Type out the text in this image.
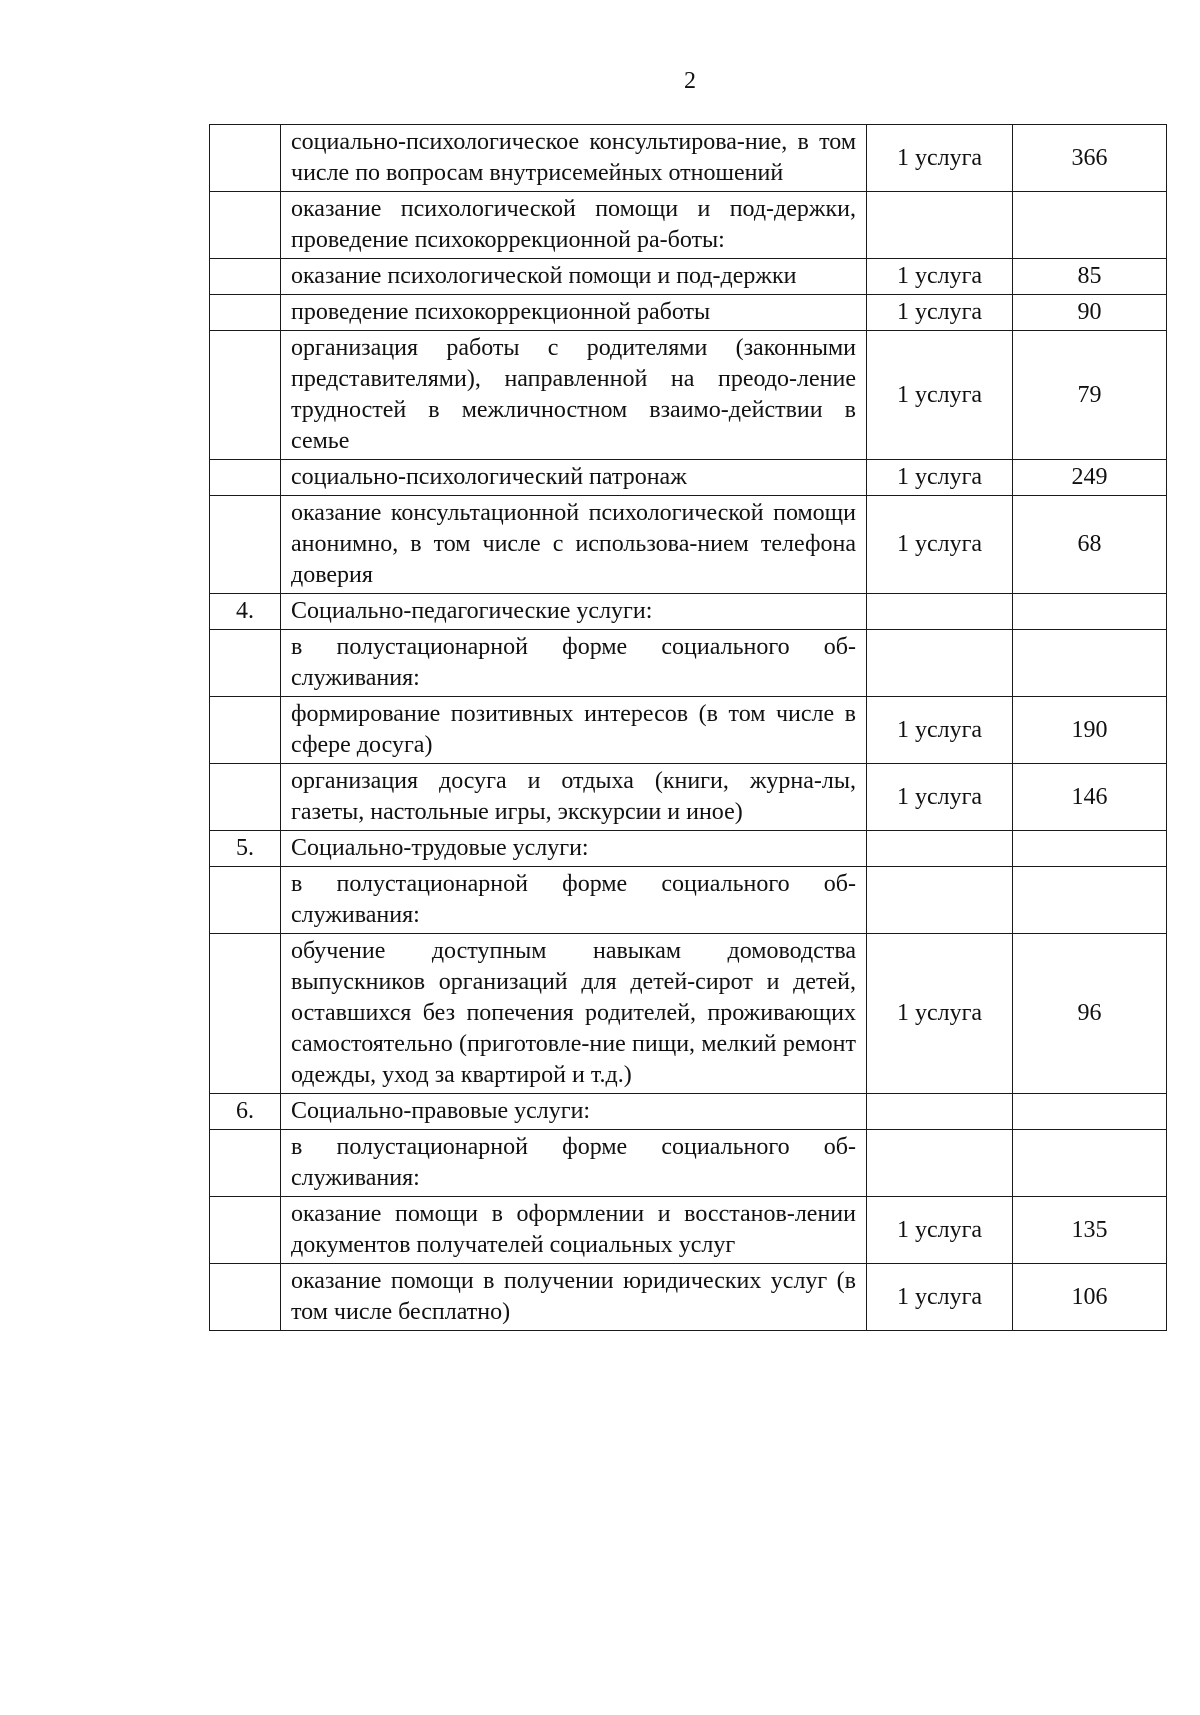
2
	социально-психологическое консультирова-ние, в том числе по вопросам внутрисемейных отношений	1 услуга	366
	оказание психологической помощи и под-держки, проведение психокоррекционной ра-боты:		
	оказание психологической помощи и под-держки	1 услуга	85
	проведение психокоррекционной работы	1 услуга	90
	организация работы с родителями (законными представителями), направленной на преодо-ление трудностей в межличностном взаимо-действии в семье	1 услуга	79
	социально-психологический патронаж	1 услуга	249
	оказание консультационной психологической помощи анонимно, в том числе с использова-нием телефона доверия	1 услуга	68
4.	Социально-педагогические услуги:		
	в полустационарной форме социального об-служивания:		
	формирование позитивных интересов (в том числе в сфере досуга)	1 услуга	190
	организация досуга и отдыха (книги, журна-лы, газеты, настольные игры, экскурсии и иное)	1 услуга	146
5.	Социально-трудовые услуги:		
	в полустационарной форме социального об-служивания:		
	обучение доступным навыкам домоводства выпускников организаций для детей-сирот и детей, оставшихся без попечения родителей, проживающих самостоятельно (приготовле-ние пищи, мелкий ремонт одежды, уход за квартирой и т.д.)	1 услуга	96
6.	Социально-правовые услуги:		
	в полустационарной форме социального об-служивания:		
	оказание помощи в оформлении и восстанов-лении документов получателей социальных услуг	1 услуга	135
	оказание помощи в получении юридических услуг (в том числе бесплатно)	1 услуга	106
